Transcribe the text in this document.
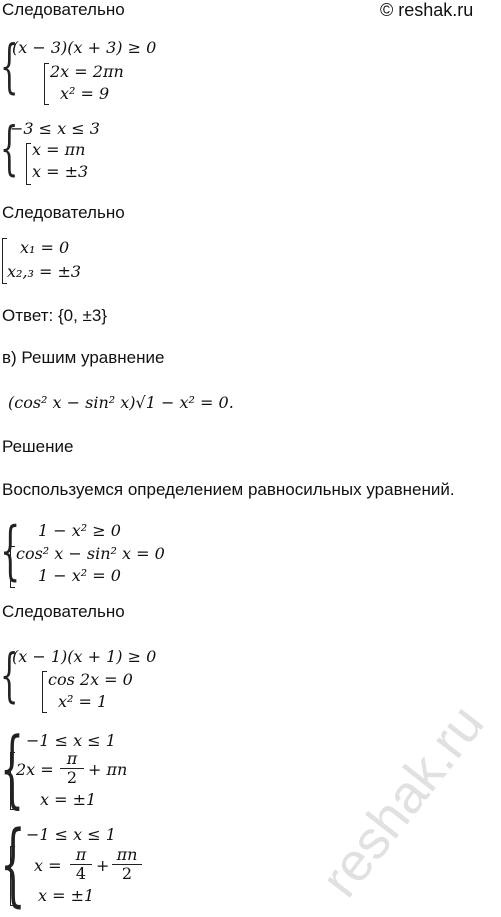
Следовательно	© reshak.ru
{
(x − 3)(x + 3) ≥ 0
2x = 2πn
x² = 9
{
−3 ≤ x ≤ 3
x = πn
x = ±3
Следовательно
x₁ = 0
x₂,₃ = ±3
Ответ: {0, ±3}
в) Решим уравнение
(cos² x − sin² x)√1 − x² = 0.
Решение
Воспользуемся определением равносильных уравнений.
{ 1 − x² ≥ 0
cos² x − sin² x = 0
1 − x² = 0
Следовательно
{
(x − 1)(x + 1) ≥ 0
cos 2x = 0
x² = 1
{ −1 ≤ x ≤ 1
$2x = \frac{\pi}{2} + \pi n$
x = ±1
{ −1 ≤ x ≤ 1
$x = \frac{\pi}{4} + \frac{\pi n}{2}$
x = ±1	reshak.ru
